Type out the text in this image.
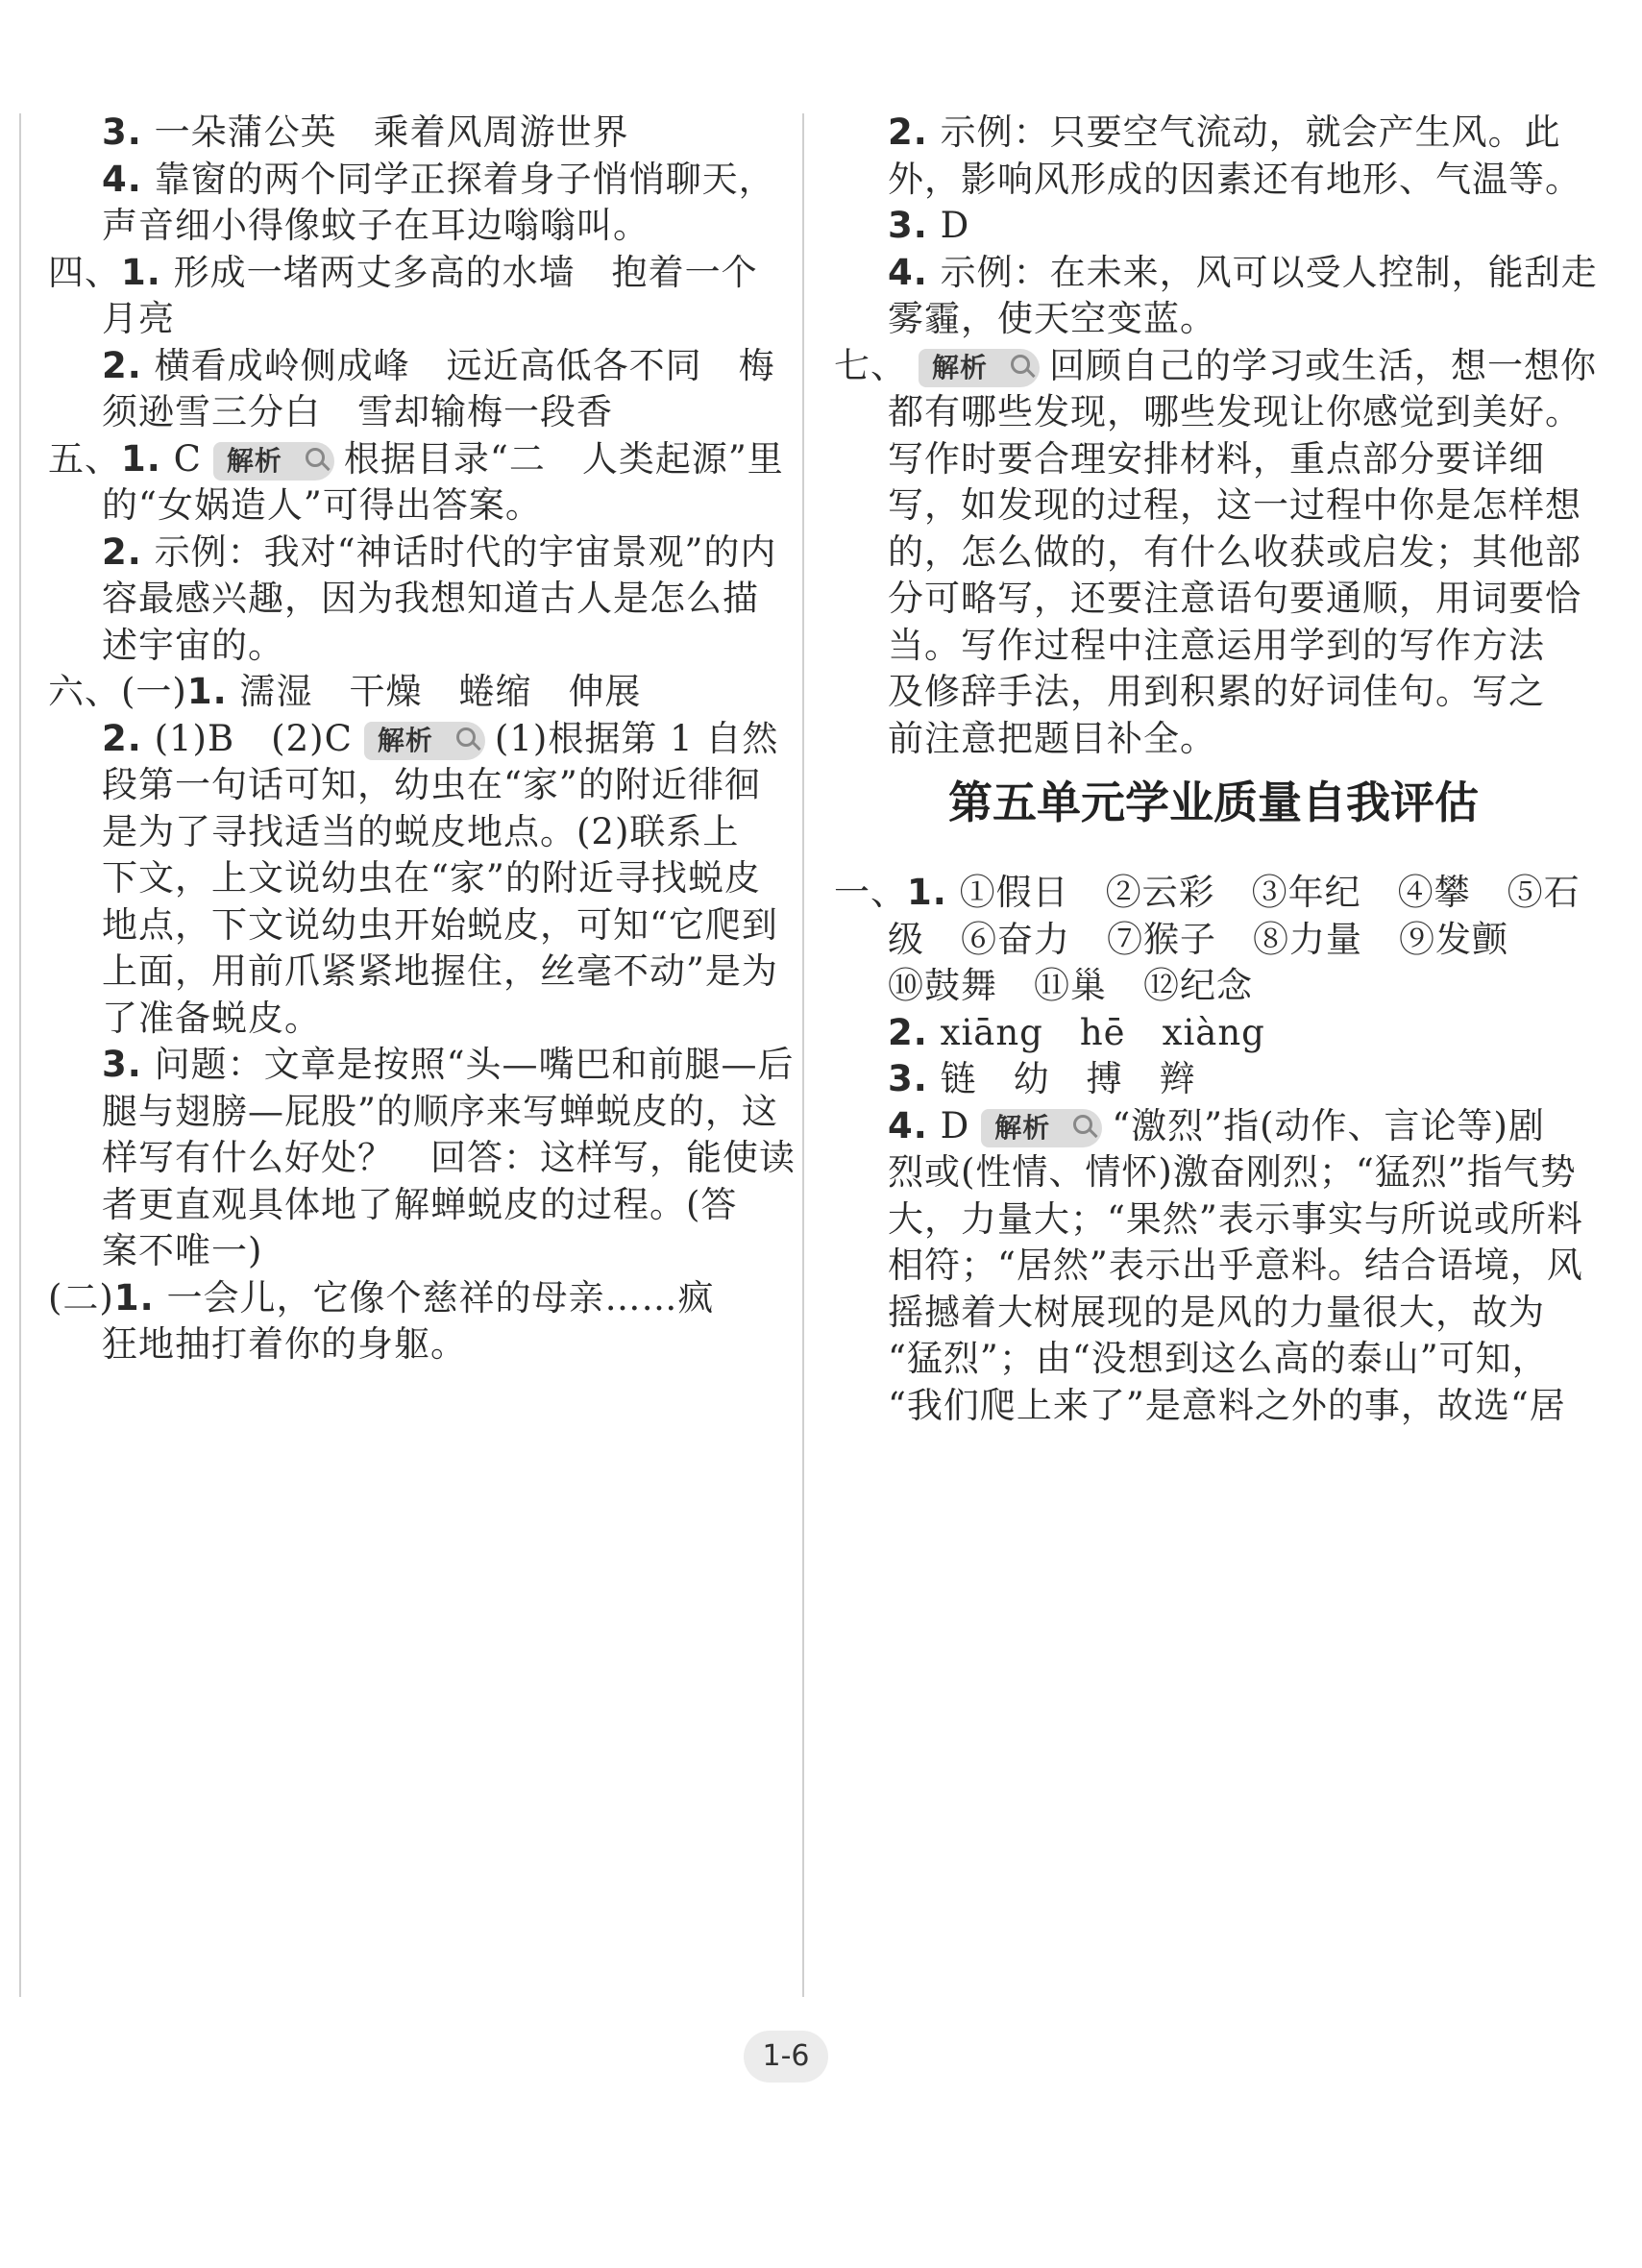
3. 一朵蒲公英　乘着风周游世界
4. 靠窗的两个同学正探着身子悄悄聊天，
声音细小得像蚊子在耳边嗡嗡叫。
四、1. 形成一堵两丈多高的水墙　抱着一个
月亮
2. 横看成岭侧成峰　远近高低各不同　梅
须逊雪三分白　雪却输梅一段香
五、1. C 解析 根据目录“二　人类起源”里
的“女娲造人”可得出答案。
2. 示例：我对“神话时代的宇宙景观”的内
容最感兴趣，因为我想知道古人是怎么描
述宇宙的。
六、(一)1. 濡湿　干燥　蜷缩　伸展
2. (1)B　(2)C 解析 (1)根据第 1 自然
段第一句话可知，幼虫在“家”的附近徘徊
是为了寻找适当的蜕皮地点。(2)联系上
下文，上文说幼虫在“家”的附近寻找蜕皮
地点，下文说幼虫开始蜕皮，可知“它爬到
上面，用前爪紧紧地握住，丝毫不动”是为
了准备蜕皮。
3. 问题：文章是按照“头—嘴巴和前腿—后
腿与翅膀—屁股”的顺序来写蝉蜕皮的，这
样写有什么好处？　回答：这样写，能使读
者更直观具体地了解蝉蜕皮的过程。(答
案不唯一)
(二)1. 一会儿，它像个慈祥的母亲……疯
狂地抽打着你的身躯。
2. 示例：只要空气流动，就会产生风。此
外，影响风形成的因素还有地形、气温等。
3. D
4. 示例：在未来，风可以受人控制，能刮走
雾霾，使天空变蓝。
七、 解析 回顾自己的学习或生活，想一想你
都有哪些发现，哪些发现让你感觉到美好。
写作时要合理安排材料，重点部分要详细
写，如发现的过程，这一过程中你是怎样想
的，怎么做的，有什么收获或启发；其他部
分可略写，还要注意语句要通顺，用词要恰
当。写作过程中注意运用学到的写作方法
及修辞手法，用到积累的好词佳句。写之
前注意把题目补全。
第五单元学业质量自我评估
一、1. ①假日　②云彩　③年纪　④攀　⑤石
级　⑥奋力　⑦猴子　⑧力量　⑨发颤
⑩鼓舞　⑪巢　⑫纪念
2. xiāng　hē　xiàng
3. 链　幼　搏　辫
4. D 解析 “激烈”指(动作、言论等)剧
烈或(性情、情怀)激奋刚烈；“猛烈”指气势
大，力量大；“果然”表示事实与所说或所料
相符；“居然”表示出乎意料。结合语境，风
摇撼着大树展现的是风的力量很大，故为
“猛烈”；由“没想到这么高的泰山”可知，
“我们爬上来了”是意料之外的事，故选“居
1-6
